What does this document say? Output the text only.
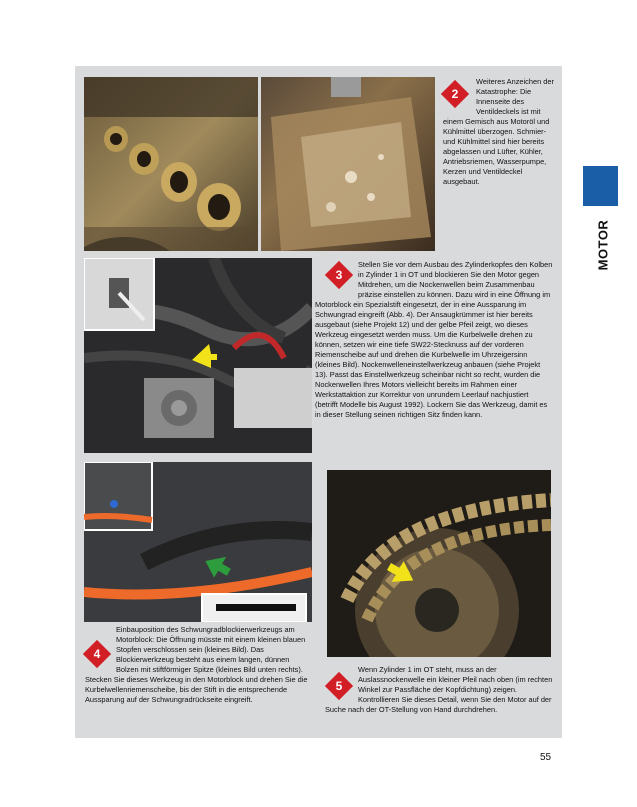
2

Weiteres Anzeichen der Katastrophe: Die Innenseite des Ventildeckels ist mit einem Gemisch aus Motoröl und Kühlmittel überzogen. Schmier- und Kühlmittel sind hier bereits abgelassen und Lüfter, Kühler, Antriebsriemen, Wasserpumpe, Kerzen und Ventildeckel ausgebaut.

3

Stellen Sie vor dem Ausbau des Zylinderkopfes den Kolben in Zylinder 1 in OT und blockieren Sie den Motor gegen Mitdrehen, um die Nockenwellen beim Zusammenbau präzise einstellen zu können. Dazu wird in eine Öffnung im Motorblock ein Spezialstift eingesetzt, der in eine Aussparung im Schwungrad eingreift (Abb. 4). Der Ansaugkrümmer ist hier bereits ausgebaut (siehe Projekt 12) und der gelbe Pfeil zeigt, wo dieses Werkzeug eingesetzt werden muss. Um die Kurbelwelle drehen zu können, setzen wir eine tiefe SW22-Stecknuss auf der vorderen Riemenscheibe auf und drehen die Kurbelwelle im Uhrzeigersinn (kleines Bild). Nockenwelleneinstellwerkzeug anbauen (siehe Projekt 13). Passt das Einstellwerkzeug scheinbar nicht so recht, wurden die Nockenwellen Ihres Motors vielleicht bereits im Rahmen einer Werkstattaktion zur Korrektur von unrundem Leerlauf nachjustiert (betrifft Modelle bis August 1992). Lockern Sie das Werkzeug, damit es in dieser Stellung seinen richtigen Sitz finden kann.

4

Einbauposition des Schwungradblockierwerkzeugs am Motorblock: Die Öffnung müsste mit einem kleinen blauen Stopfen verschlossen sein (kleines Bild). Das Blockierwerkzeug besteht aus einem langen, dünnen Bolzen mit stiftförmiger Spitze (kleines Bild unten rechts). Stecken Sie dieses Werkzeug in den Motorblock und drehen Sie die Kurbelwellenriemenscheibe, bis der Stift in die entsprechende Aussparung auf der Schwungradrückseite eingreift.

5

Wenn Zylinder 1 im OT steht, muss an der Auslassnockenwelle ein kleiner Pfeil nach oben (im rechten Winkel zur Passfläche der Kopfdichtung) zeigen. Kontrollieren Sie dieses Detail, wenn Sie den Motor auf der Suche nach der OT-Stellung von Hand durchdrehen.

MOTOR
55
